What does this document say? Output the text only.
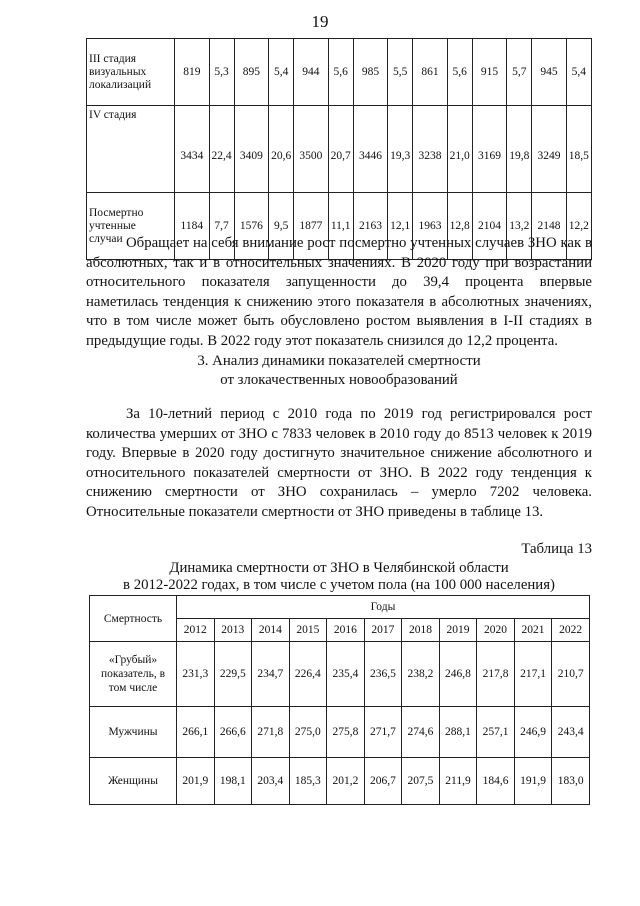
19
III стадия визуальных локализаций	819	5,3	895	5,4	944	5,6	985	5,5	861	5,6	915	5,7	945	5,4
IV стадия	3434	22,4	3409	20,6	3500	20,7	3446	19,3	3238	21,0	3169	19,8	3249	18,5
Посмертно учтенные случаи	1184	7,7	1576	9,5	1877	11,1	2163	12,1	1963	12,8	2104	13,2	2148	12,2

Обращает на себя внимание рост посмертно учтенных случаев ЗНО как в абсолютных, так и в относительных значениях. В 2020 году при возрастании относительного показателя запущенности до 39,4 процента впервые наметилась тенденция к снижению этого показателя в абсолютных значениях, что в том числе может быть обусловлено ростом выявления в I-II стадиях в предыдущие годы. В 2022 году этот показатель снизился до 12,2 процента.

3. Анализ динамики показателей смертности
от злокачественных новообразований

За 10-летний период с 2010 года по 2019 год регистрировался рост количества умерших от ЗНО с 7833 человек в 2010 году до 8513 человек к 2019 году. Впервые в 2020 году достигнуто значительное снижение абсолютного и относительного показателей смертности от ЗНО. В 2022 году тенденция к снижению смертности от ЗНО сохранилась – умерло 7202 человека. Относительные показатели смертности от ЗНО приведены в таблице 13.

Таблица 13
Динамика смертности от ЗНО в Челябинской области
в 2012-2022 годах, в том числе с учетом пола (на 100 000 населения)
Смертность	Годы										
	2012	2013	2014	2015	2016	2017	2018	2019	2020	2021	2022
«Грубый» показатель, в том числе	231,3	229,5	234,7	226,4	235,4	236,5	238,2	246,8	217,8	217,1	210,7
Мужчины	266,1	266,6	271,8	275,0	275,8	271,7	274,6	288,1	257,1	246,9	243,4
Женщины	201,9	198,1	203,4	185,3	201,2	206,7	207,5	211,9	184,6	191,9	183,0
